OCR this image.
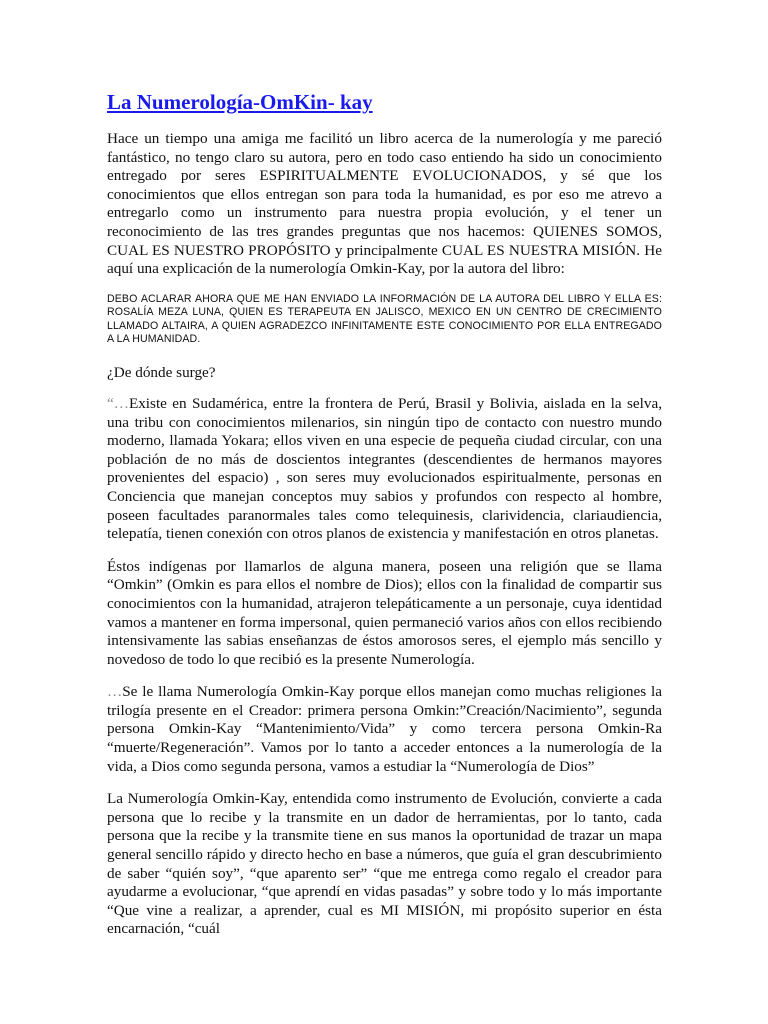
La Numerología-OmKin- kay

Hace un tiempo una amiga me facilitó un libro acerca de la numerología y me pareció fantástico, no tengo claro su autora, pero en todo caso entiendo ha sido un conocimiento entregado por seres ESPIRITUALMENTE EVOLUCIONADOS, y sé que los conocimientos que ellos entregan son para toda la humanidad, es por eso me atrevo a entregarlo como un instrumento para nuestra propia evolución, y el tener un reconocimiento de las tres grandes preguntas que nos hacemos: QUIENES SOMOS, CUAL ES NUESTRO PROPÓSITO y principalmente CUAL ES NUESTRA MISIÓN. He aquí una explicación de la numerología Omkin-Kay, por la autora del libro:

DEBO ACLARAR AHORA QUE ME HAN ENVIADO LA INFORMACIÓN DE LA AUTORA DEL LIBRO Y ELLA ES: ROSALÍA MEZA LUNA, QUIEN ES TERAPEUTA EN JALISCO, MEXICO EN UN CENTRO DE CRECIMIENTO LLAMADO ALTAIRA, A QUIEN AGRADEZCO INFINITAMENTE ESTE CONOCIMIENTO POR ELLA ENTREGADO A LA HUMANIDAD.

¿De dónde surge?

“…Existe en Sudamérica, entre la frontera de Perú, Brasil y Bolivia, aislada en la selva, una tribu con conocimientos milenarios, sin ningún tipo de contacto con nuestro mundo moderno, llamada Yokara; ellos viven en una especie de pequeña ciudad circular, con una población de no más de doscientos integrantes (descendientes de hermanos mayores provenientes del espacio) , son seres muy evolucionados espiritualmente, personas en Conciencia que manejan conceptos muy sabios y profundos con respecto al hombre, poseen facultades paranormales tales como telequinesis, clarividencia, clariaudiencia, telepatía, tienen conexión con otros planos de existencia y manifestación en otros planetas.

Éstos indígenas por llamarlos de alguna manera, poseen una religión que se llama “Omkin” (Omkin es para ellos el nombre de Dios); ellos con la finalidad de compartir sus conocimientos con la humanidad, atrajeron telepáticamente a un personaje, cuya identidad vamos a mantener en forma impersonal, quien permaneció varios años con ellos recibiendo intensivamente las sabias enseñanzas de éstos amorosos seres, el ejemplo más sencillo y novedoso de todo lo que recibió es la presente Numerología.

…Se le llama Numerología Omkin-Kay porque ellos manejan como muchas religiones la trilogía presente en el Creador: primera persona Omkin:”Creación/Nacimiento”, segunda persona Omkin-Kay “Mantenimiento/Vida” y como tercera persona Omkin-Ra “muerte/Regeneración”. Vamos por lo tanto a acceder entonces a la numerología de la vida, a Dios como segunda persona, vamos a estudiar la “Numerología de Dios”

La Numerología Omkin-Kay, entendida como instrumento de Evolución, convierte a cada persona que lo recibe y la transmite en un dador de herramientas, por lo tanto, cada persona que la recibe y la transmite tiene en sus manos la oportunidad de trazar un mapa general sencillo rápido y directo hecho en base a números, que guía el gran descubrimiento de saber “quién soy”, “que aparento ser” “que me entrega como regalo el creador para ayudarme a evolucionar, “que aprendí en vidas pasadas” y sobre todo y lo más importante “Que vine a realizar, a aprender, cual es MI MISIÓN, mi propósito superior en ésta encarnación, “cuál
